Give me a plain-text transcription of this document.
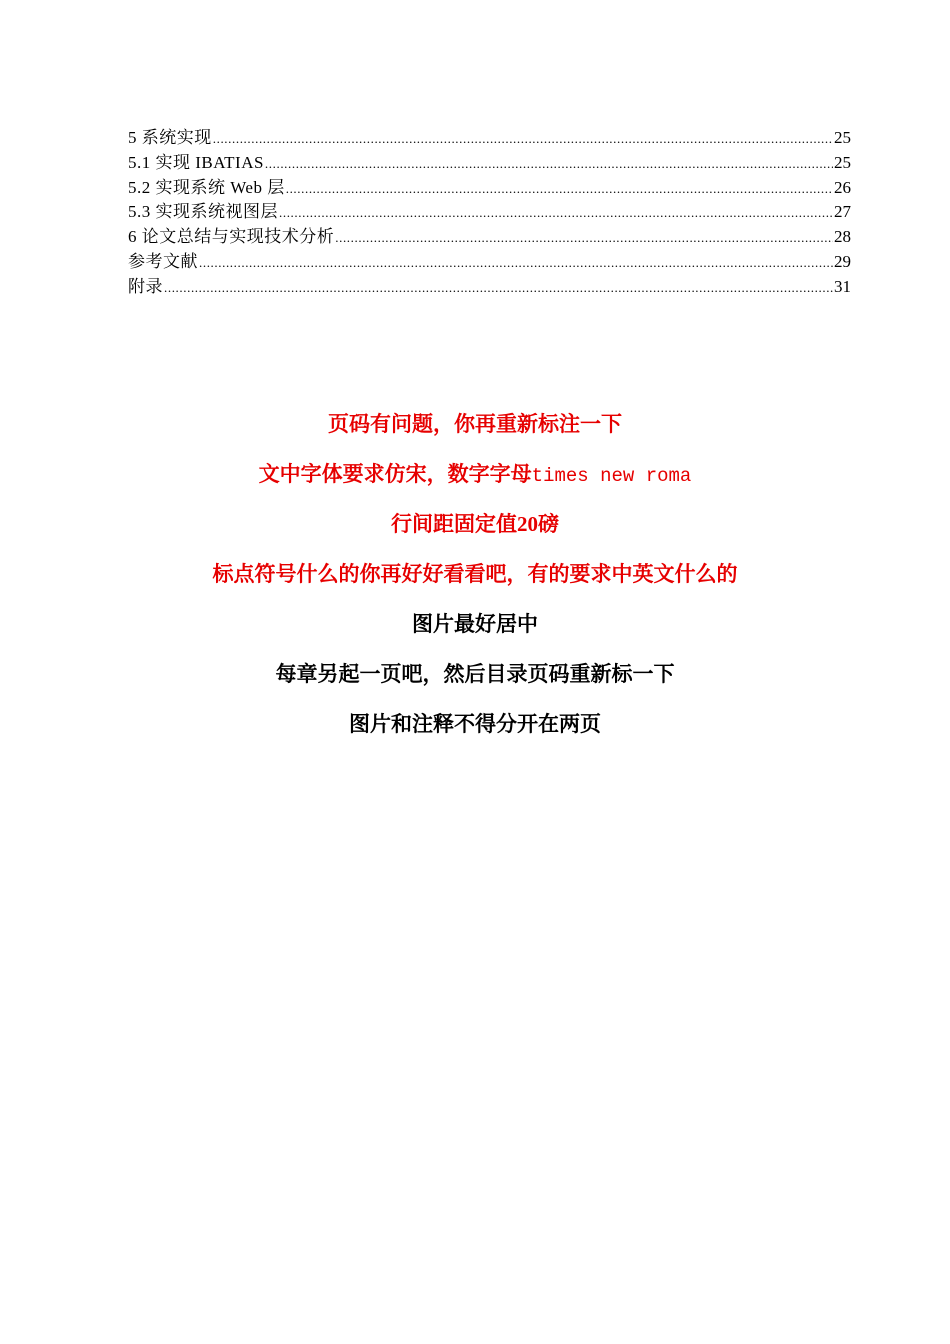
5 系统实现 .....	25
5.1 实现 IBATIAS .....	25
5.2 实现系统 Web 层 .....	26
5.3 实现系统视图层 .....	27
6 论文总结与实现技术分析 .....	28
参考文献 .....	29
附录 .....	31
页码有问题，你再重新标注一下
文中字体要求仿宋，数字字母times new roma
行间距固定值20磅
标点符号什么的你再好好看看吧，有的要求中英文什么的
图片最好居中
每章另起一页吧，然后目录页码重新标一下
图片和注释不得分开在两页
